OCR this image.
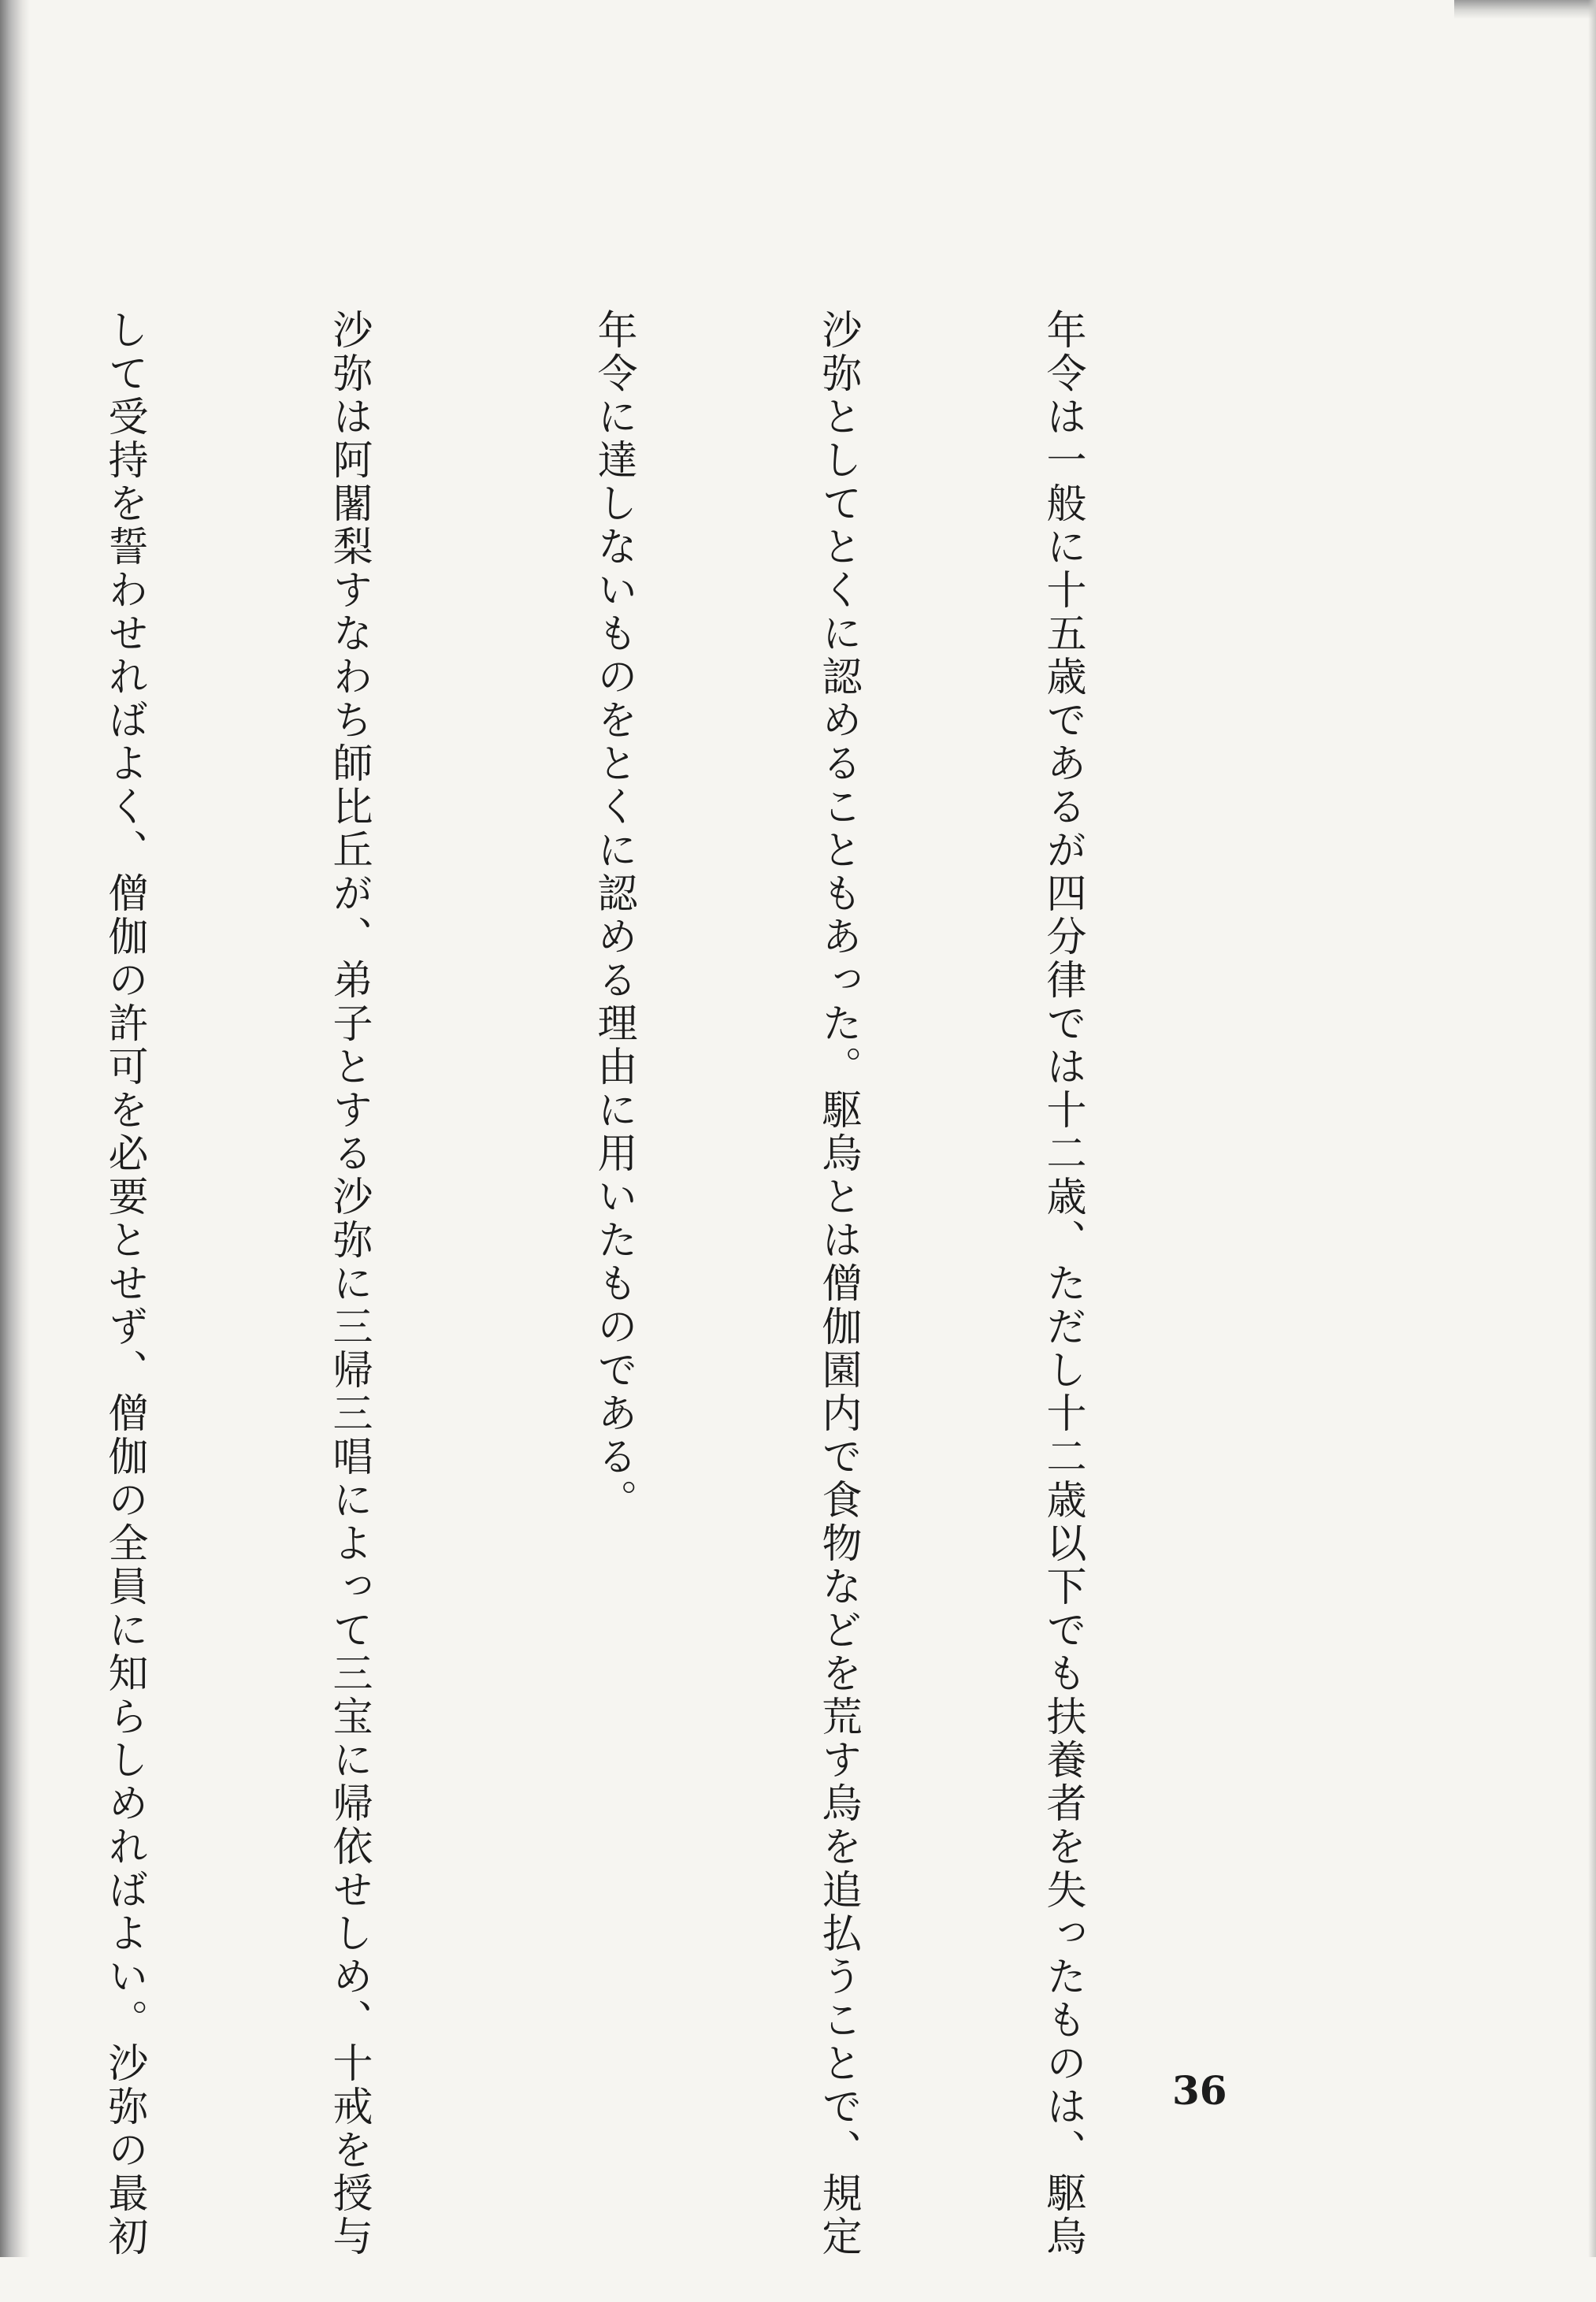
年令は一般に十五歳であるが四分律では十二歳、ただし十二歳以下でも扶養者を失ったものは、駆烏

沙弥としてとくに認めることもあった。駆烏とは僧伽園内で食物などを荒す烏を追払うことで、規定

年令に達しないものをとくに認める理由に用いたものである。

沙弥は阿闍梨すなわち師比丘が、弟子とする沙弥に三帰三唱によって三宝に帰依せしめ、十戒を授与

して受持を誓わせればよく、僧伽の許可を必要とせず、僧伽の全員に知らしめればよい。沙弥の最初

	36
